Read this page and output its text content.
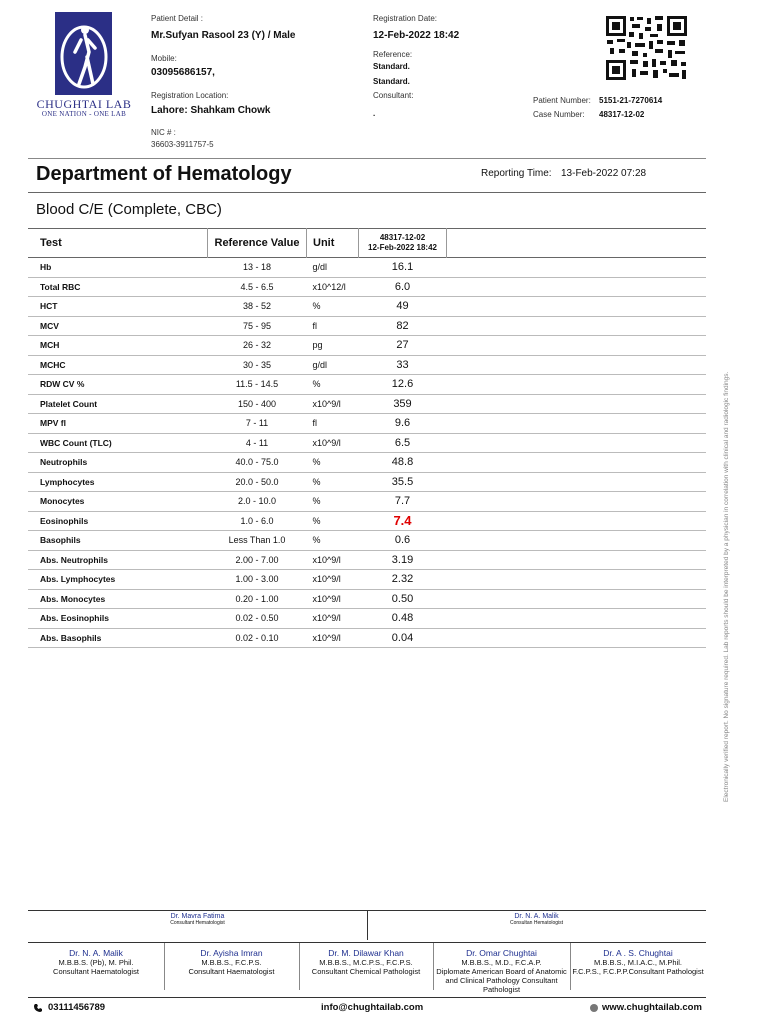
CHUGHTAI LAB
ONE NATION - ONE LAB
Patient Detail :
Mr.Sufyan Rasool 23 (Y) / Male
Mobile:
03095686157,
Registration Location:
Lahore: Shahkam Chowk
NIC # :
36603-3911757-5
Registration Date:
12-Feb-2022 18:42
Reference:
Standard.
Standard.
Consultant:
.
Patient Number: 5151-21-7270614
Case Number: 48317-12-02
Department of Hematology	Reporting Time: 13-Feb-2022 07:28
Blood C/E (Complete, CBC)
Test	Reference Value	Unit	48317-12-02
12-Feb-2022 18:42	

Hb	13 - 18	g/dl	16.1	
Total RBC	4.5 - 6.5	x10^12/l	6.0	
HCT	38 - 52	%	49	
MCV	75 - 95	fl	82	
MCH	26 - 32	pg	27	
MCHC	30 - 35	g/dl	33	
RDW CV %	11.5 - 14.5	%	12.6	
Platelet Count	150 - 400	x10^9/l	359	
MPV fl	7 - 11	fl	9.6	
WBC Count (TLC)	4 - 11	x10^9/l	6.5	
Neutrophils	40.0 - 75.0	%	48.8	
Lymphocytes	20.0 - 50.0	%	35.5	
Monocytes	2.0 - 10.0	%	7.7	
Eosinophils	1.0 - 6.0	%	7.4	
Basophils	Less Than 1.0	%	0.6	
Abs. Neutrophils	2.00 - 7.00	x10^9/l	3.19	
Abs. Lymphocytes	1.00 - 3.00	x10^9/l	2.32	
Abs. Monocytes	0.20 - 1.00	x10^9/l	0.50	
Abs. Eosinophils	0.02 - 0.50	x10^9/l	0.48	
Abs. Basophils	0.02 - 0.10	x10^9/l	0.04		Electronically verified report. No signature required. Lab reports should be interpreted by a physician in correlation with clinical and radiologic findings.
Dr. Mavra Fatima
Consultant Hematologist
Dr. N. A. Malik
Consultan Hematologist
Dr. N. A. Malik
M.B.B.S. (Pb), M. Phil.
Consultant Haematologist
Dr. Ayisha Imran
M.B.B.S., F.C.P.S.
Consultant Haematologist
Dr. M. Dilawar Khan
M.B.B.S., M.C.P.S., F.C.P.S.
Consultant Chemical Pathologist
Dr. Omar Chughtai
M.B.B.S., M.D., F.C.A.P.
Diplomate American Board of Anatomic
and Clinical Pathology Consultant Pathologist
Dr. A . S. Chughtai
M.B.B.S., M.I.A.C., M.Phil.
F.C.P.S., F.C.P.P.Consultant Pathologist
03111456789	info@chughtailab.com	www.chughtailab.com
